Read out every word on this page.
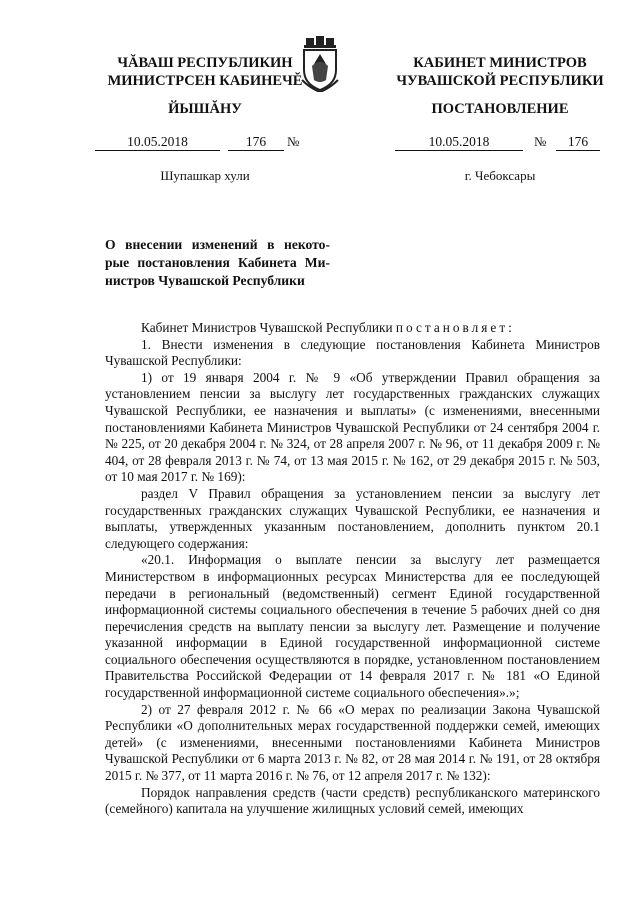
ЧĂВАШ РЕСПУБЛИКИН
МИНИСТРСЕН КАБИНЕЧĔ
ЙЫШĂНУ
КАБИНЕТ МИНИСТРОВ
ЧУВАШСКОЙ РЕСПУБЛИКИ
ПОСТАНОВЛЕНИЕ
10.05.2018	176	№
Шупашкар хули
10.05.2018	№	176
г. Чебоксары
О внесении изменений в некото-
рые постановления Кабинета Ми-
нистров Чувашской Республики

Кабинет Министров Чувашской Республики постановляет:

1. Внести изменения в следующие постановления Кабинета Министров Чувашской Республики:

1) от 19 января 2004 г. № 9 «Об утверждении Правил обращения за установлением пенсии за выслугу лет государственных гражданских служащих Чувашской Республики, ее назначения и выплаты» (с изменениями, внесенными постановлениями Кабинета Министров Чувашской Республики от 24 сентября 2004 г. № 225, от 20 декабря 2004 г. № 324, от 28 апреля 2007 г. № 96, от 11 декабря 2009 г. № 404, от 28 февраля 2013 г. № 74, от 13 мая 2015 г. № 162, от 29 декабря 2015 г. № 503, от 10 мая 2017 г. № 169):

раздел V Правил обращения за установлением пенсии за выслугу лет государственных гражданских служащих Чувашской Республики, ее назначения и выплаты, утвержденных указанным постановлением, дополнить пунктом 20.1 следующего содержания:

«20.1. Информация о выплате пенсии за выслугу лет размещается Министерством в информационных ресурсах Министерства для ее последующей передачи в региональный (ведомственный) сегмент Единой государственной информационной системы социального обеспечения в течение 5 рабочих дней со дня перечисления средств на выплату пенсии за выслугу лет. Размещение и получение указанной информации в Единой государственной информационной системе социального обеспечения осуществляются в порядке, установленном постановлением Правительства Российской Федерации от 14 февраля 2017 г. № 181 «О Единой государственной информационной системе социального обеспечения».»;

2) от 27 февраля 2012 г. № 66 «О мерах по реализации Закона Чувашской Республики «О дополнительных мерах государственной поддержки семей, имеющих детей» (с изменениями, внесенными постановлениями Кабинета Министров Чувашской Республики от 6 марта 2013 г. № 82, от 28 мая 2014 г. № 191, от 28 октября 2015 г. № 377, от 11 марта 2016 г. № 76, от 12 апреля 2017 г. № 132):

Порядок направления средств (части средств) республиканского материнского (семейного) капитала на улучшение жилищных условий семей, имеющих
